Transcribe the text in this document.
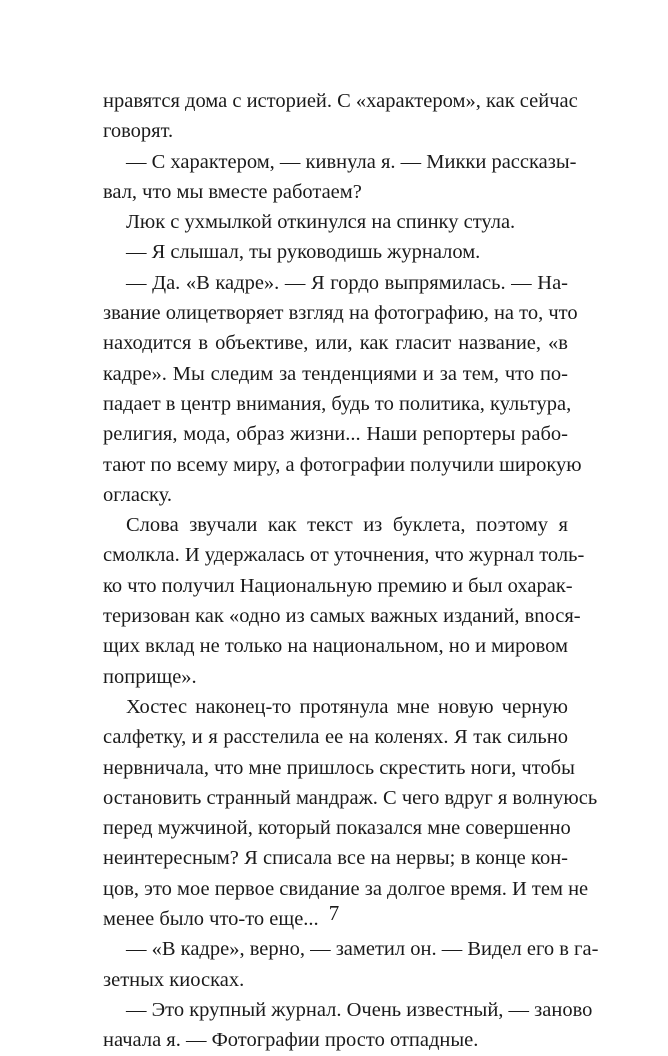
нравятся дома с историей. С «характером», как сейчас
говорят.
— С характером, — кивнула я. — Микки рассказы-
вал, что мы вместе работаем?
Люк с ухмылкой откинулся на спинку стула.
— Я слышал, ты руководишь журналом.
— Да. «В кадре». — Я гордо выпрямилась. — На-
звание олицетворяет взгляд на фотографию, на то, что
находится в объективе, или, как гласит название, «в
кадре». Мы следим за тенденциями и за тем, что по-
падает в центр внимания, будь то политика, культура,
религия, мода, образ жизни... Наши репортеры рабо-
тают по всему миру, а фотографии получили широкую
огласку.
Слова звучали как текст из буклета, поэтому я
смолкла. И удержалась от уточнения, что журнал толь-
ко что получил Национальную премию и был охарак-
теризован как «одно из самых важных изданий, вnося-
щих вклад не только на национальном, но и мировом
поприще».
Хостес наконец-то протянула мне новую черную
салфетку, и я расстелила ее на коленях. Я так сильно
нервничала, что мне пришлось скрестить ноги, чтобы
остановить странный мандраж. С чего вдруг я волнуюсь
перед мужчиной, который показался мне совершенно
неинтересным? Я списала все на нервы; в конце кон-
цов, это мое первое свидание за долгое время. И тем не
менее было что-то еще...
— «В кадре», верно, — заметил он. — Видел его в га-
зетных киосках.
— Это крупный журнал. Очень известный, — заново
начала я. — Фотографии просто отпадные.
7
